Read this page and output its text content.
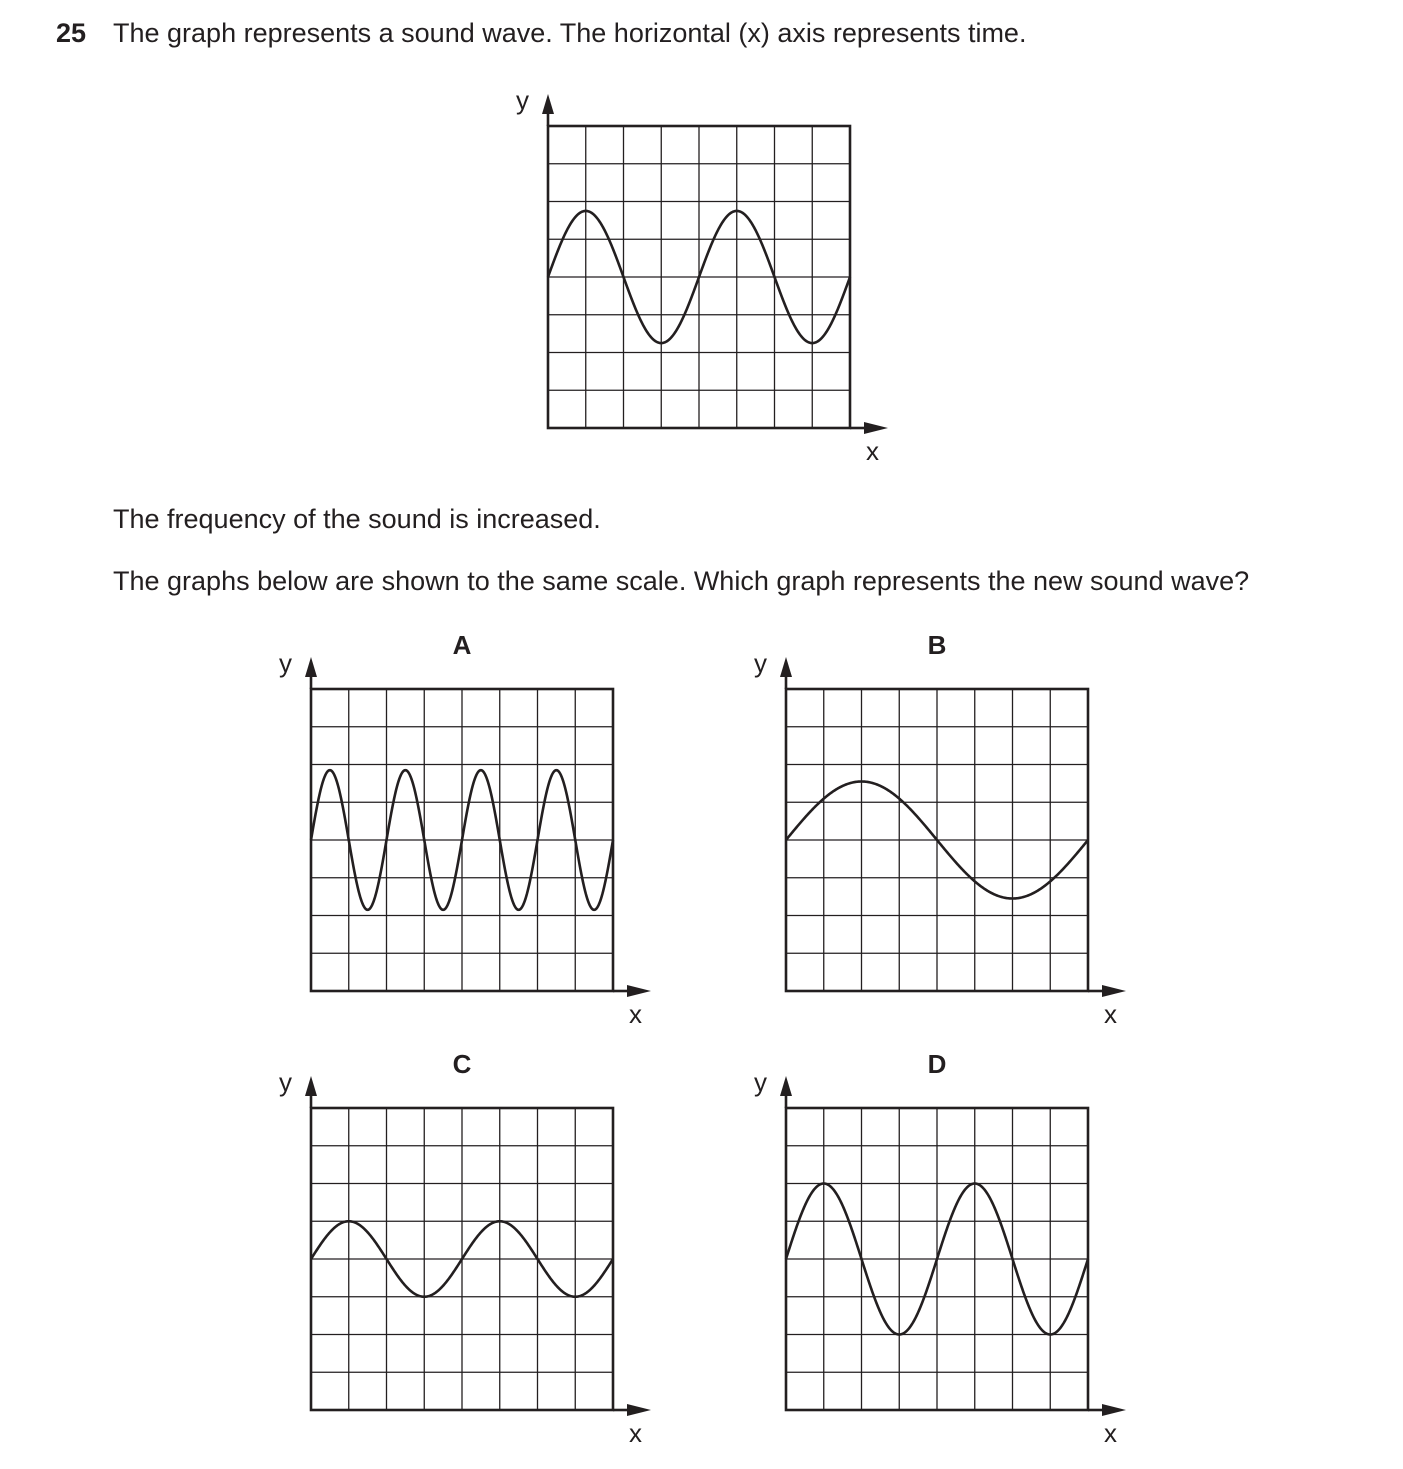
25 The graph represents a sound wave. The horizontal (x) axis represents time.
The frequency of the sound is increased.
The graphs below are shown to the same scale. Which graph represents the new sound wave?
y
x
y
x
A
y
x
B
y
x
C
y
x
D
